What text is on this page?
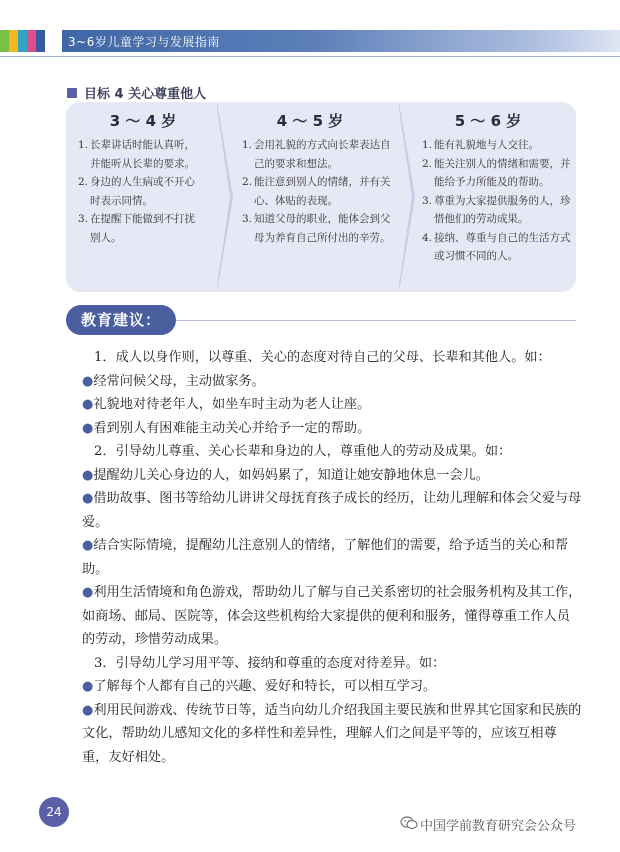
3~6岁儿童学习与发展指南
目标 4 关心尊重他人
3 ～ 4 岁
1. 长辈讲话时能认真听，并能听从长辈的要求。
2. 身边的人生病或不开心时表示同情。
3. 在提醒下能做到不打扰别人。
4 ～ 5 岁
1. 会用礼貌的方式向长辈表达自己的要求和想法。
2. 能注意到别人的情绪，并有关心、体贴的表现。
3. 知道父母的职业，能体会到父母为养育自己所付出的辛劳。
5 ～ 6 岁
1. 能有礼貌地与人交往。
2. 能关注别人的情绪和需要，并能给予力所能及的帮助。
3. 尊重为大家提供服务的人，珍惜他们的劳动成果。
4. 接纳、尊重与自己的生活方式或习惯不同的人。
教育建议：

1．成人以身作则，以尊重、关心的态度对待自己的父母、长辈和其他人。如：

●经常问候父母，主动做家务。

●礼貌地对待老年人，如坐车时主动为老人让座。

●看到别人有困难能主动关心并给予一定的帮助。

2．引导幼儿尊重、关心长辈和身边的人，尊重他人的劳动及成果。如：

●提醒幼儿关心身边的人，如妈妈累了，知道让她安静地休息一会儿。

●借助故事、图书等给幼儿讲讲父母抚育孩子成长的经历，让幼儿理解和体会父爱与母爱。

●结合实际情境，提醒幼儿注意别人的情绪，了解他们的需要，给予适当的关心和帮助。

●利用生活情境和角色游戏，帮助幼儿了解与自己关系密切的社会服务机构及其工作，如商场、邮局、医院等，体会这些机构给大家提供的便利和服务，懂得尊重工作人员的劳动，珍惜劳动成果。

3．引导幼儿学习用平等、接纳和尊重的态度对待差异。如：

●了解每个人都有自己的兴趣、爱好和特长，可以相互学习。

●利用民间游戏、传统节日等，适当向幼儿介绍我国主要民族和世界其它国家和民族的文化，帮助幼儿感知文化的多样性和差异性，理解人们之间是平等的，应该互相尊重，友好相处。

24
中国学前教育研究会公众号
